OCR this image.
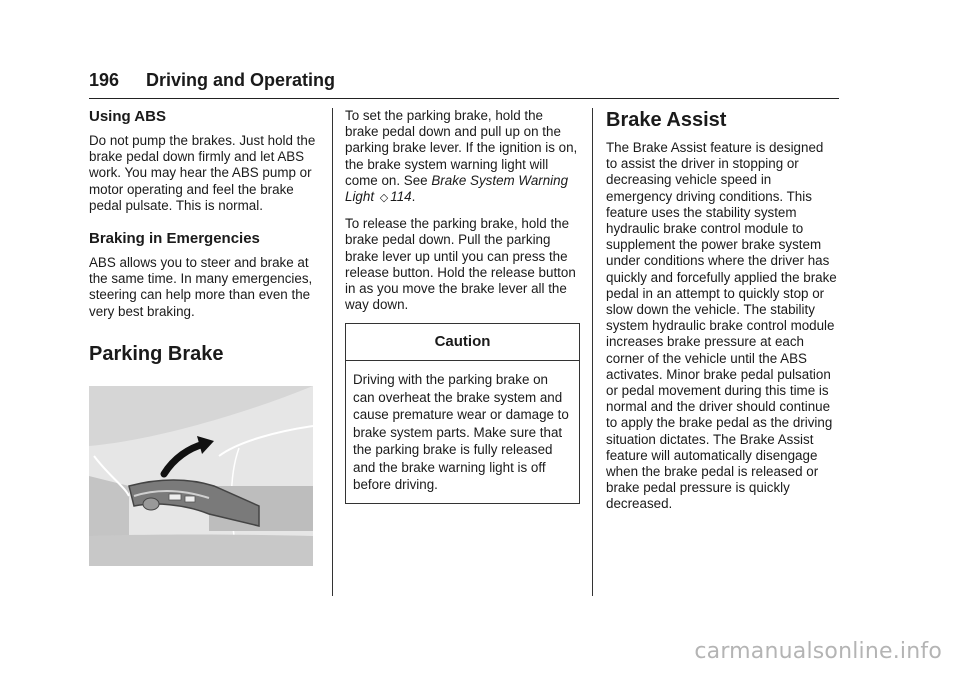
196 Driving and Operating
Using ABS

Do not pump the brakes. Just hold the brake pedal down firmly and let ABS work. You may hear the ABS pump or motor operating and feel the brake pedal pulsate. This is normal.

Braking in Emergencies

ABS allows you to steer and brake at the same time. In many emergencies, steering can help more than even the very best braking.

Parking Brake

To set the parking brake, hold the brake pedal down and pull up on the parking brake lever. If the ignition is on, the brake system warning light will come on. See Brake System Warning Light ◇ 114.

To release the parking brake, hold the brake pedal down. Pull the parking brake lever up until you can press the release button. Hold the release button in as you move the brake lever all the way down.

Caution
Driving with the parking brake on can overheat the brake system and cause premature wear or damage to brake system parts. Make sure that the parking brake is fully released and the brake warning light is off before driving.
Brake Assist

The Brake Assist feature is designed to assist the driver in stopping or decreasing vehicle speed in emergency driving conditions. This feature uses the stability system hydraulic brake control module to supplement the power brake system under conditions where the driver has quickly and forcefully applied the brake pedal in an attempt to quickly stop or slow down the vehicle. The stability system hydraulic brake control module increases brake pressure at each corner of the vehicle until the ABS activates. Minor brake pedal pulsation or pedal movement during this time is normal and the driver should continue to apply the brake pedal as the driving situation dictates. The Brake Assist feature will automatically disengage when the brake pedal is released or brake pedal pressure is quickly decreased.

carmanualsonline.info
